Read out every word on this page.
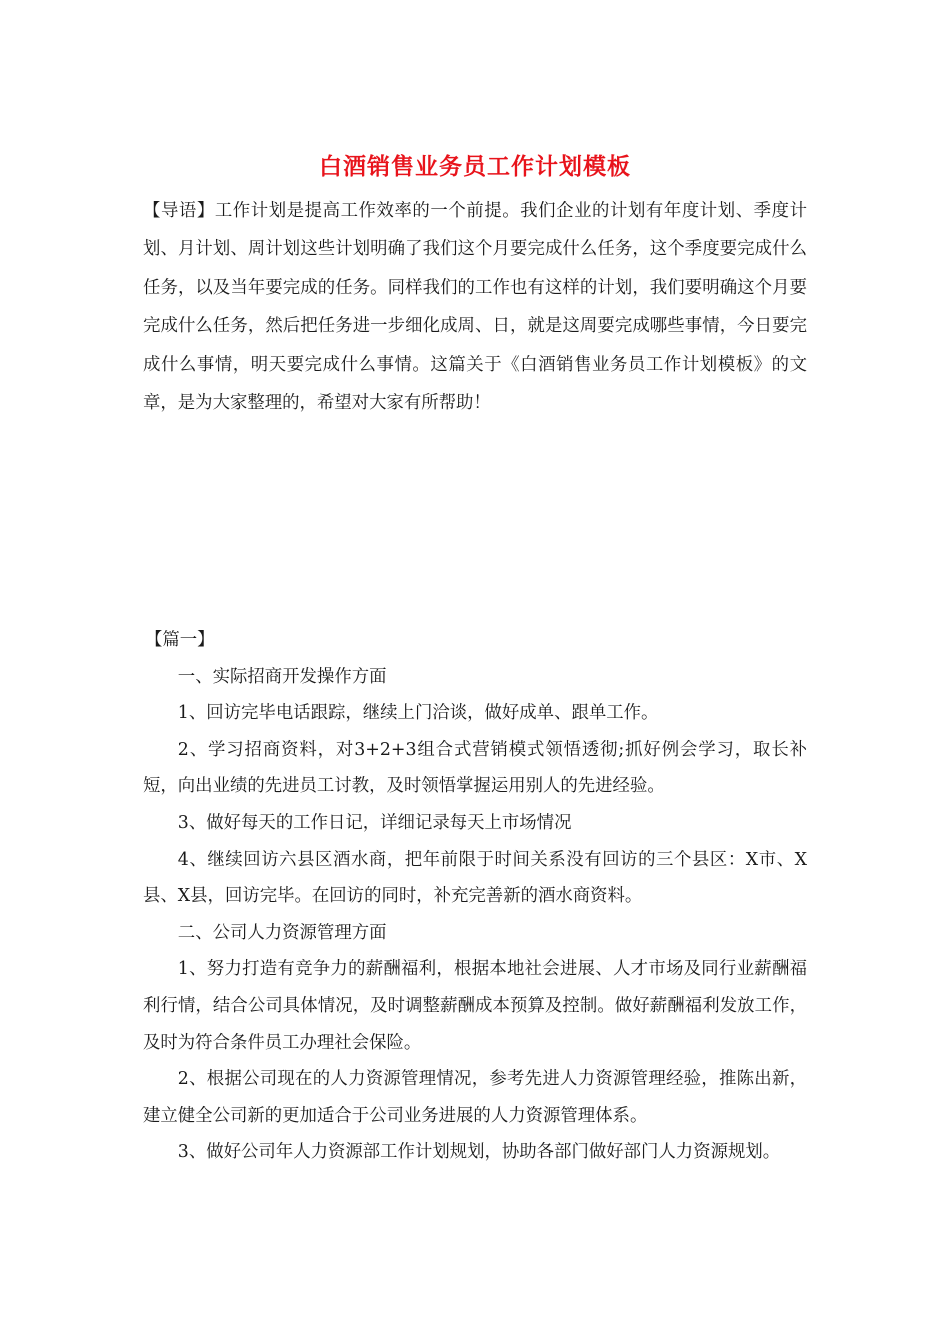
白酒销售业务员工作计划模板

【导语】工作计划是提高工作效率的一个前提。我们企业的计划有年度计划、季度计划、月计划、周计划这些计划明确了我们这个月要完成什么任务，这个季度要完成什么任务，以及当年要完成的任务。同样我们的工作也有这样的计划，我们要明确这个月要完成什么任务，然后把任务进一步细化成周、日，就是这周要完成哪些事情，今日要完成什么事情，明天要完成什么事情。这篇关于《白酒销售业务员工作计划模板》的文章，是为大家整理的，希望对大家有所帮助！

【篇一】

一、实际招商开发操作方面

1、回访完毕电话跟踪，继续上门洽谈，做好成单、跟单工作。

2、学习招商资料，对3+2+3组合式营销模式领悟透彻;抓好例会学习，取长补短，向出业绩的先进员工讨教，及时领悟掌握运用别人的先进经验。

3、做好每天的工作日记，详细记录每天上市场情况

4、继续回访六县区酒水商，把年前限于时间关系没有回访的三个县区：X市、X县、X县，回访完毕。在回访的同时，补充完善新的酒水商资料。

二、公司人力资源管理方面

1、努力打造有竞争力的薪酬福利，根据本地社会进展、人才市场及同行业薪酬福利行情，结合公司具体情况，及时调整薪酬成本预算及控制。做好薪酬福利发放工作，及时为符合条件员工办理社会保险。

2、根据公司现在的人力资源管理情况，参考先进人力资源管理经验，推陈出新，建立健全公司新的更加适合于公司业务进展的人力资源管理体系。

3、做好公司年人力资源部工作计划规划，协助各部门做好部门人力资源规划。
